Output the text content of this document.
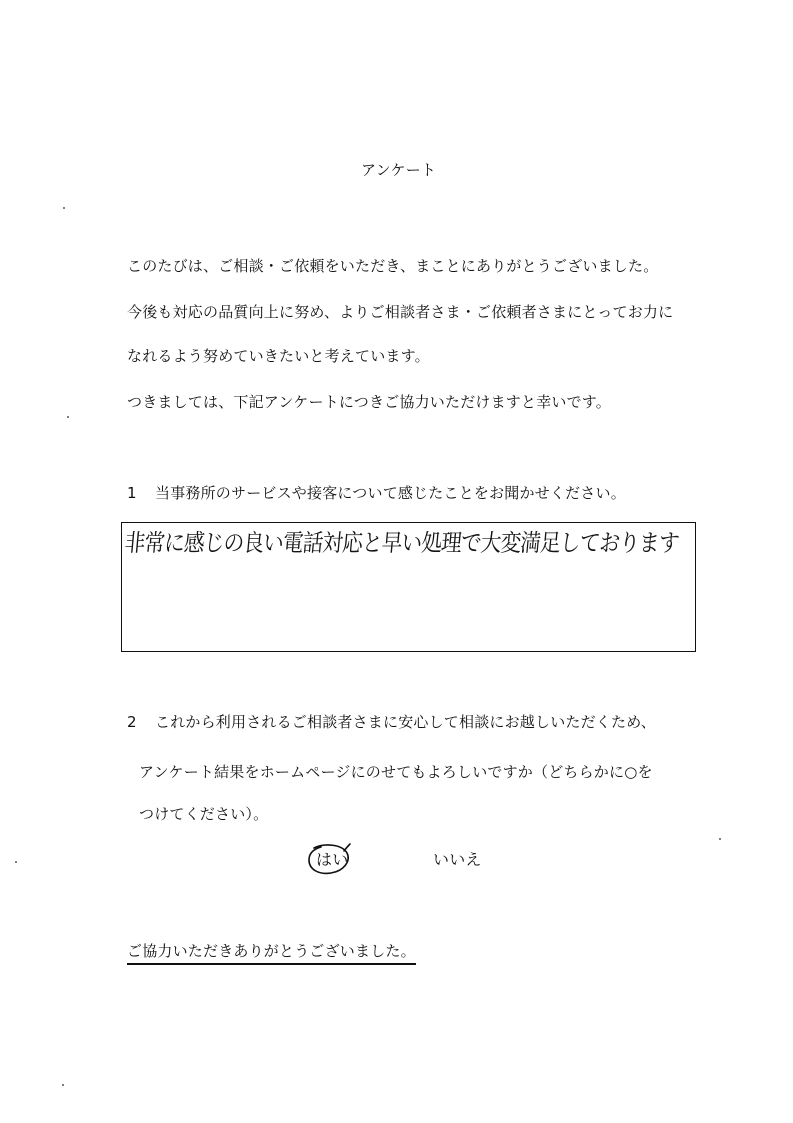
アンケート
このたびは、ご相談・ご依頼をいただき、まことにありがとうございました。
今後も対応の品質向上に努め、よりご相談者さま・ご依頼者さまにとってお力に
なれるよう努めていきたいと考えています。
つきましては、下記アンケートにつきご協力いただけますと幸いです。
1 当事務所のサービスや接客について感じたことをお聞かせください。
非常に感じの良い電話対応と早い処理で大変満足しております
2 これから利用されるご相談者さまに安心して相談にお越しいただくため、
アンケート結果をホームページにのせてもよろしいですか（どちらかに○を
つけてください）。
はい	いいえ
ご協力いただきありがとうございました。
